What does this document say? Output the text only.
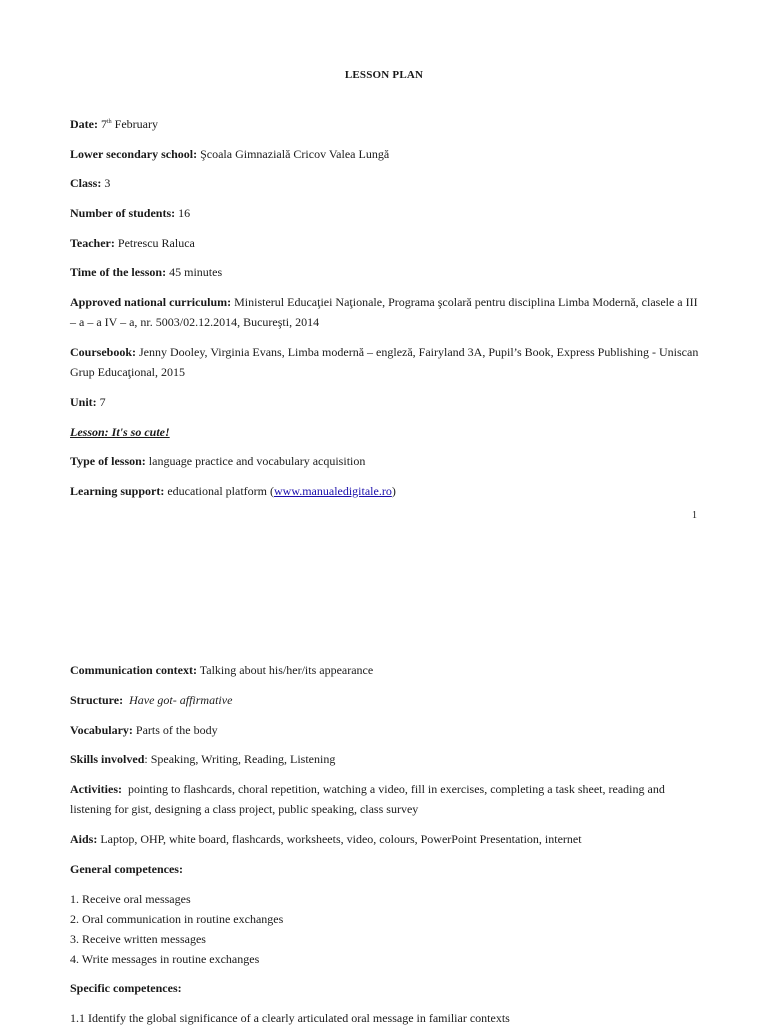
LESSON PLAN
Date: 7th February
Lower secondary school: Şcoala Gimnazială Cricov Valea Lungă
Class: 3
Number of students: 16
Teacher: Petrescu Raluca
Time of the lesson: 45 minutes
Approved national curriculum: Ministerul Educaţiei Naţionale, Programa şcolară pentru disciplina Limba Modernă, clasele a III – a – a IV – a, nr. 5003/02.12.2014, Bucureşti, 2014
Coursebook: Jenny Dooley, Virginia Evans, Limba modernă – engleză, Fairyland 3A, Pupil’s Book, Express Publishing - Uniscan Grup Educaţional, 2015
Unit: 7
Lesson: It's so cute!
Type of lesson: language practice and vocabulary acquisition
Learning support: educational platform (www.manualedigitale.ro)
1
Communication context: Talking about his/her/its appearance
Structure: Have got- affirmative
Vocabulary: Parts of the body
Skills involved: Speaking, Writing, Reading, Listening
Activities: pointing to flashcards, choral repetition, watching a video, fill in exercises, completing a task sheet, reading and listening for gist, designing a class project, public speaking, class survey
Aids: Laptop, OHP, white board, flashcards, worksheets, video, colours, PowerPoint Presentation, internet
General competences:
1. Receive oral messages
2. Oral communication in routine exchanges
3. Receive written messages
4. Write messages in routine exchanges
Specific competences:
1.1 Identify the global significance of a clearly articulated oral message in familiar contexts
